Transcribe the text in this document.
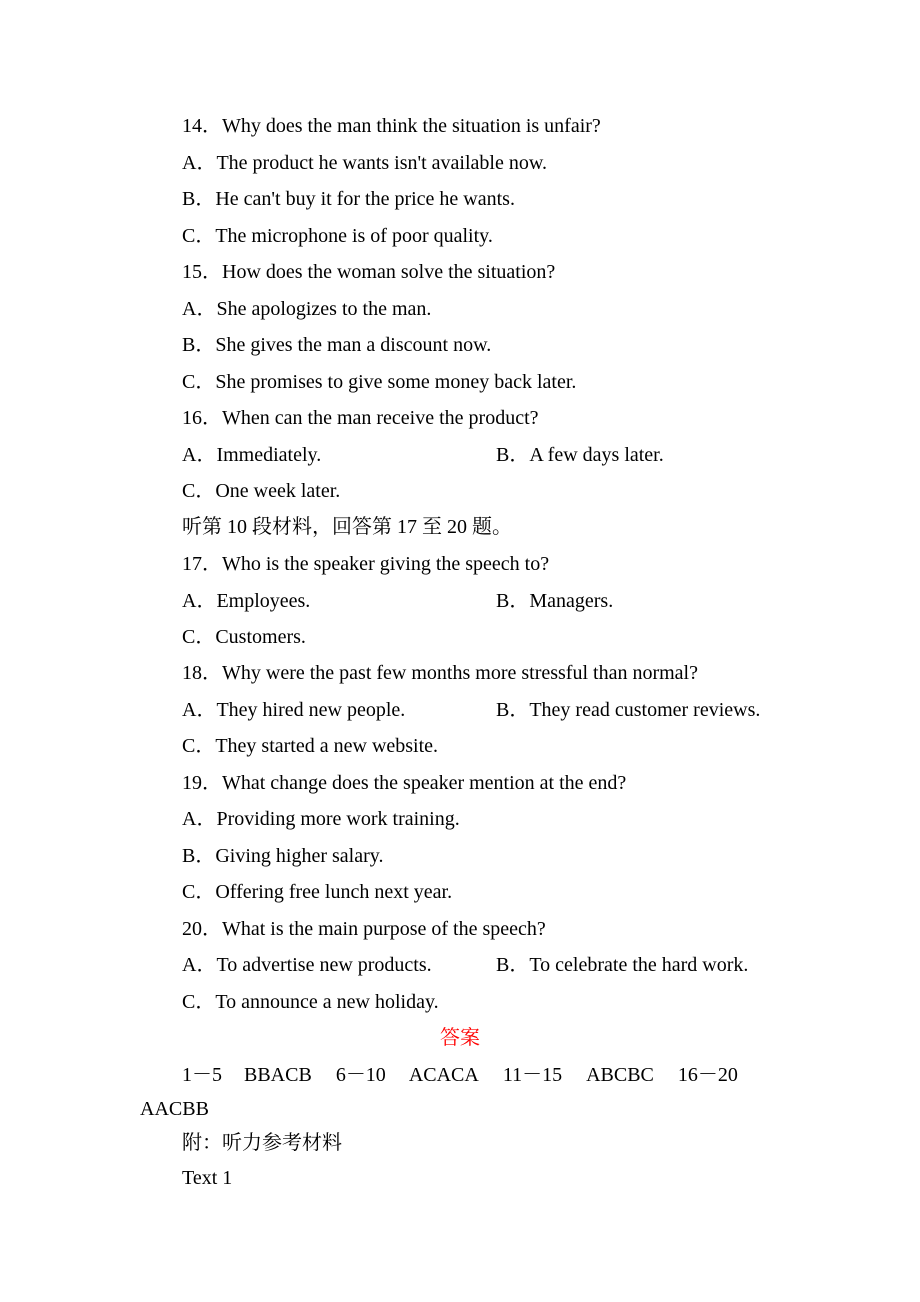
14．Why does the man think the situation is unfair?
A．The product he wants isn't available now.
B．He can't buy it for the price he wants.
C．The microphone is of poor quality.
15．How does the woman solve the situation?
A．She apologizes to the man.
B．She gives the man a discount now.
C．She promises to give some money back later.
16．When can the man receive the product?
A．Immediately.	B．A few days later.
C．One week later.
听第 10 段材料，回答第 17 至 20 题。
17．Who is the speaker giving the speech to?
A．Employees.	B．Managers.
C．Customers.
18．Why were the past few months more stressful than normal?
A．They hired new people.	B．They read customer reviews.
C．They started a new website.
19．What change does the speaker mention at the end?
A．Providing more work training.
B．Giving higher salary.
C．Offering free lunch next year.
20．What is the main purpose of the speech?
A．To advertise new products.	B．To celebrate the hard work.
C．To announce a new holiday.
答案
1－5 BBACB 6－10 ACACA 11－15 ABCBC 16－20
AACBB
附：听力参考材料
Text 1
